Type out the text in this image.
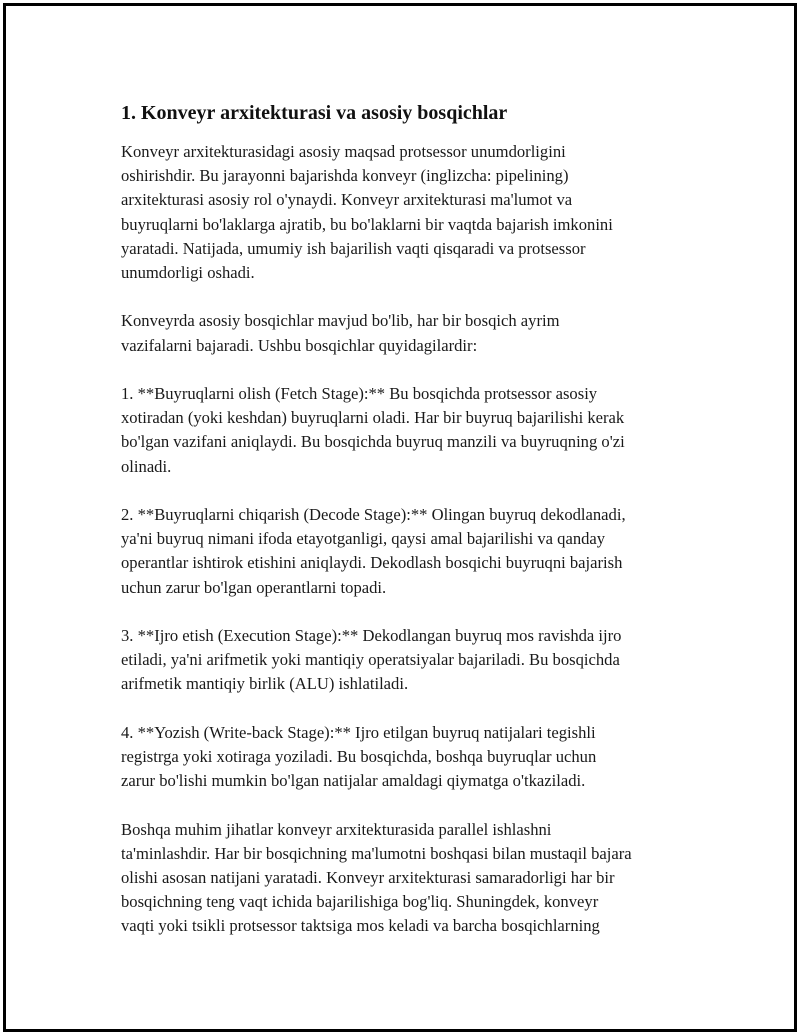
1. Konveyr arxitekturasi va asosiy bosqichlar

Konveyr arxitekturasidagi asosiy maqsad protsessor unumdorligini
oshirishdir. Bu jarayonni bajarishda konveyr (inglizcha: pipelining)
arxitekturasi asosiy rol o'ynaydi. Konveyr arxitekturasi ma'lumot va
buyruqlarni bo'laklarga ajratib, bu bo'laklarni bir vaqtda bajarish imkonini
yaratadi. Natijada, umumiy ish bajarilish vaqti qisqaradi va protsessor
unumdorligi oshadi.

Konveyrda asosiy bosqichlar mavjud bo'lib, har bir bosqich ayrim
vazifalarni bajaradi. Ushbu bosqichlar quyidagilardir:

1. **Buyruqlarni olish (Fetch Stage):** Bu bosqichda protsessor asosiy
xotiradan (yoki keshdan) buyruqlarni oladi. Har bir buyruq bajarilishi kerak
bo'lgan vazifani aniqlaydi. Bu bosqichda buyruq manzili va buyruqning o'zi
olinadi.

2. **Buyruqlarni chiqarish (Decode Stage):** Olingan buyruq dekodlanadi,
ya'ni buyruq nimani ifoda etayotganligi, qaysi amal bajarilishi va qanday
operantlar ishtirok etishini aniqlaydi. Dekodlash bosqichi buyruqni bajarish
uchun zarur bo'lgan operantlarni topadi.

3. **Ijro etish (Execution Stage):** Dekodlangan buyruq mos ravishda ijro
etiladi, ya'ni arifmetik yoki mantiqiy operatsiyalar bajariladi. Bu bosqichda
arifmetik mantiqiy birlik (ALU) ishlatiladi.

4. **Yozish (Write-back Stage):** Ijro etilgan buyruq natijalari tegishli
registrga yoki xotiraga yoziladi. Bu bosqichda, boshqa buyruqlar uchun
zarur bo'lishi mumkin bo'lgan natijalar amaldagi qiymatga o'tkaziladi.

Boshqa muhim jihatlar konveyr arxitekturasida parallel ishlashni
ta'minlashdir. Har bir bosqichning ma'lumotni boshqasi bilan mustaqil bajara
olishi asosan natijani yaratadi. Konveyr arxitekturasi samaradorligi har bir
bosqichning teng vaqt ichida bajarilishiga bog'liq. Shuningdek, konveyr
vaqti yoki tsikli protsessor taktsiga mos keladi va barcha bosqichlarning
